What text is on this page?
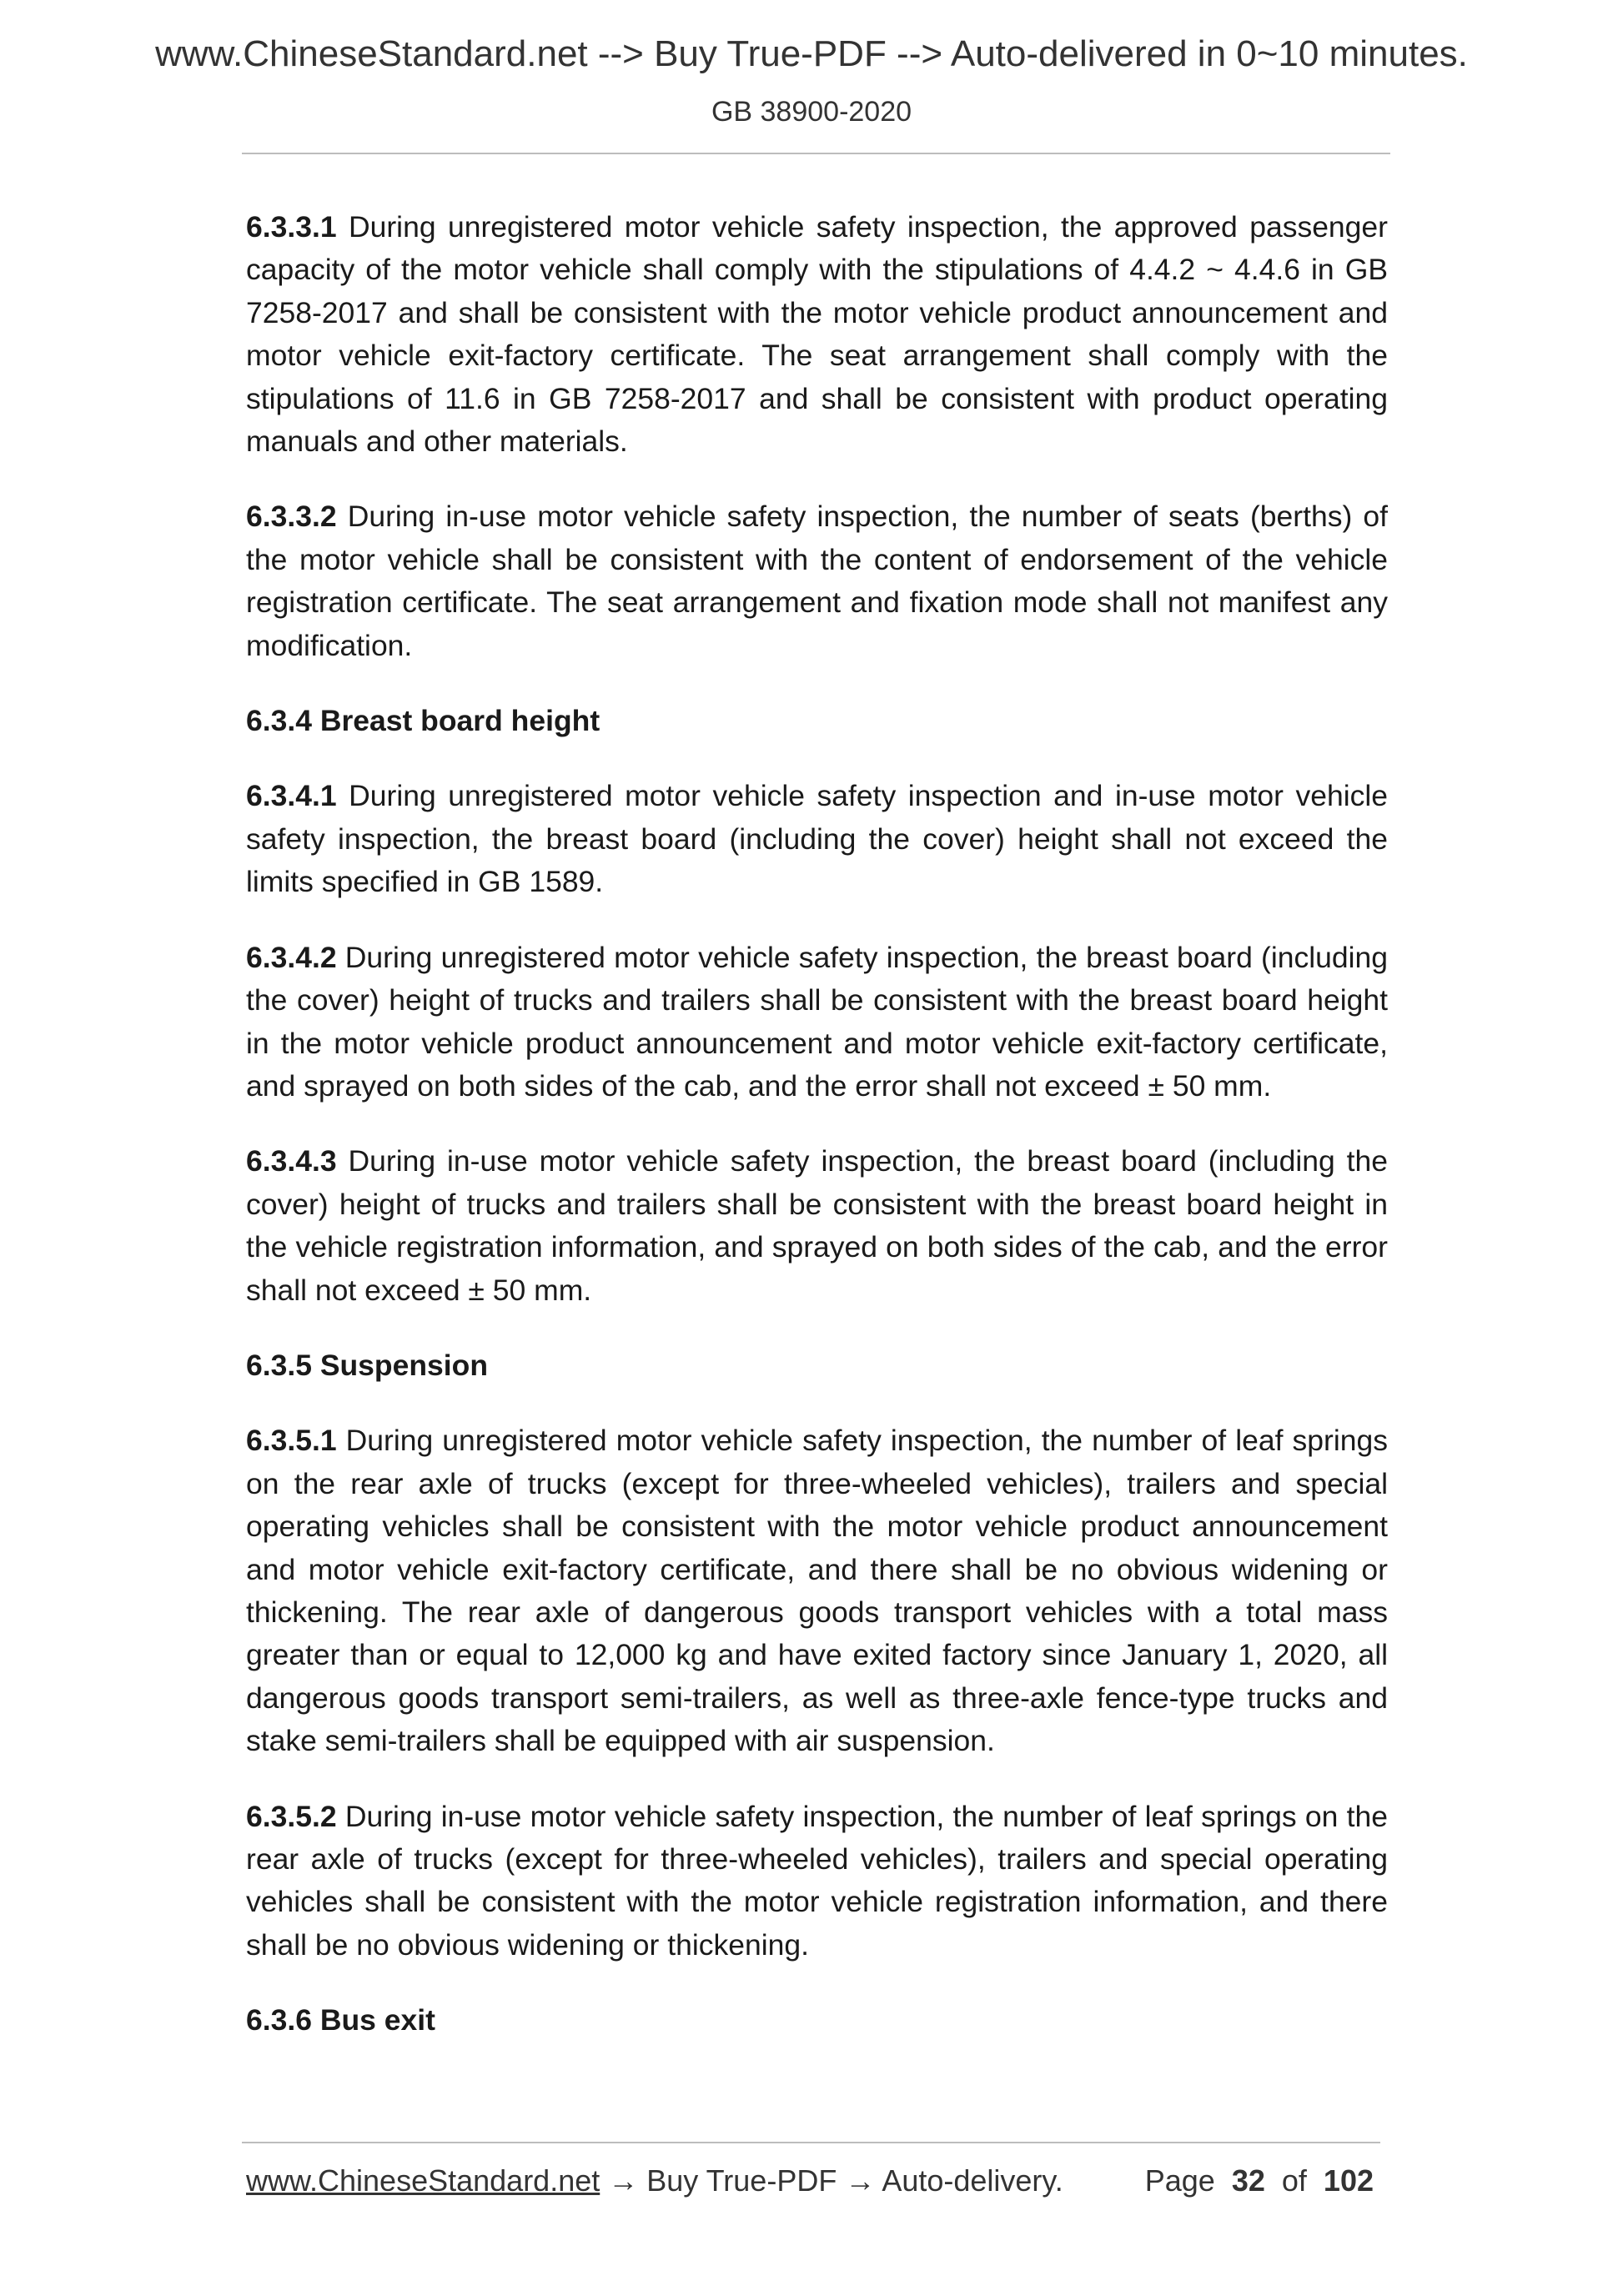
www.ChineseStandard.net --> Buy True-PDF --> Auto-delivered in 0~10 minutes.
GB 38900-2020

6.3.3.1 During unregistered motor vehicle safety inspection, the approved passenger capacity of the motor vehicle shall comply with the stipulations of 4.4.2 ~ 4.4.6 in GB 7258-2017 and shall be consistent with the motor vehicle product announcement and motor vehicle exit-factory certificate. The seat arrangement shall comply with the stipulations of 11.6 in GB 7258-2017 and shall be consistent with product operating manuals and other materials.

6.3.3.2 During in-use motor vehicle safety inspection, the number of seats (berths) of the motor vehicle shall be consistent with the content of endorsement of the vehicle registration certificate. The seat arrangement and fixation mode shall not manifest any modification.

6.3.4 Breast board height

6.3.4.1 During unregistered motor vehicle safety inspection and in-use motor vehicle safety inspection, the breast board (including the cover) height shall not exceed the limits specified in GB 1589.

6.3.4.2 During unregistered motor vehicle safety inspection, the breast board (including the cover) height of trucks and trailers shall be consistent with the breast board height in the motor vehicle product announcement and motor vehicle exit-factory certificate, and sprayed on both sides of the cab, and the error shall not exceed ± 50 mm.

6.3.4.3 During in-use motor vehicle safety inspection, the breast board (including the cover) height of trucks and trailers shall be consistent with the breast board height in the vehicle registration information, and sprayed on both sides of the cab, and the error shall not exceed ± 50 mm.

6.3.5 Suspension

6.3.5.1 During unregistered motor vehicle safety inspection, the number of leaf springs on the rear axle of trucks (except for three-wheeled vehicles), trailers and special operating vehicles shall be consistent with the motor vehicle product announcement and motor vehicle exit-factory certificate, and there shall be no obvious widening or thickening. The rear axle of dangerous goods transport vehicles with a total mass greater than or equal to 12,000 kg and have exited factory since January 1, 2020, all dangerous goods transport semi-trailers, as well as three-axle fence-type trucks and stake semi-trailers shall be equipped with air suspension.

6.3.5.2 During in-use motor vehicle safety inspection, the number of leaf springs on the rear axle of trucks (except for three-wheeled vehicles), trailers and special operating vehicles shall be consistent with the motor vehicle registration information, and there shall be no obvious widening or thickening.

6.3.6 Bus exit

www.ChineseStandard.net → Buy True-PDF → Auto-delivery.	Page 32 of 102
